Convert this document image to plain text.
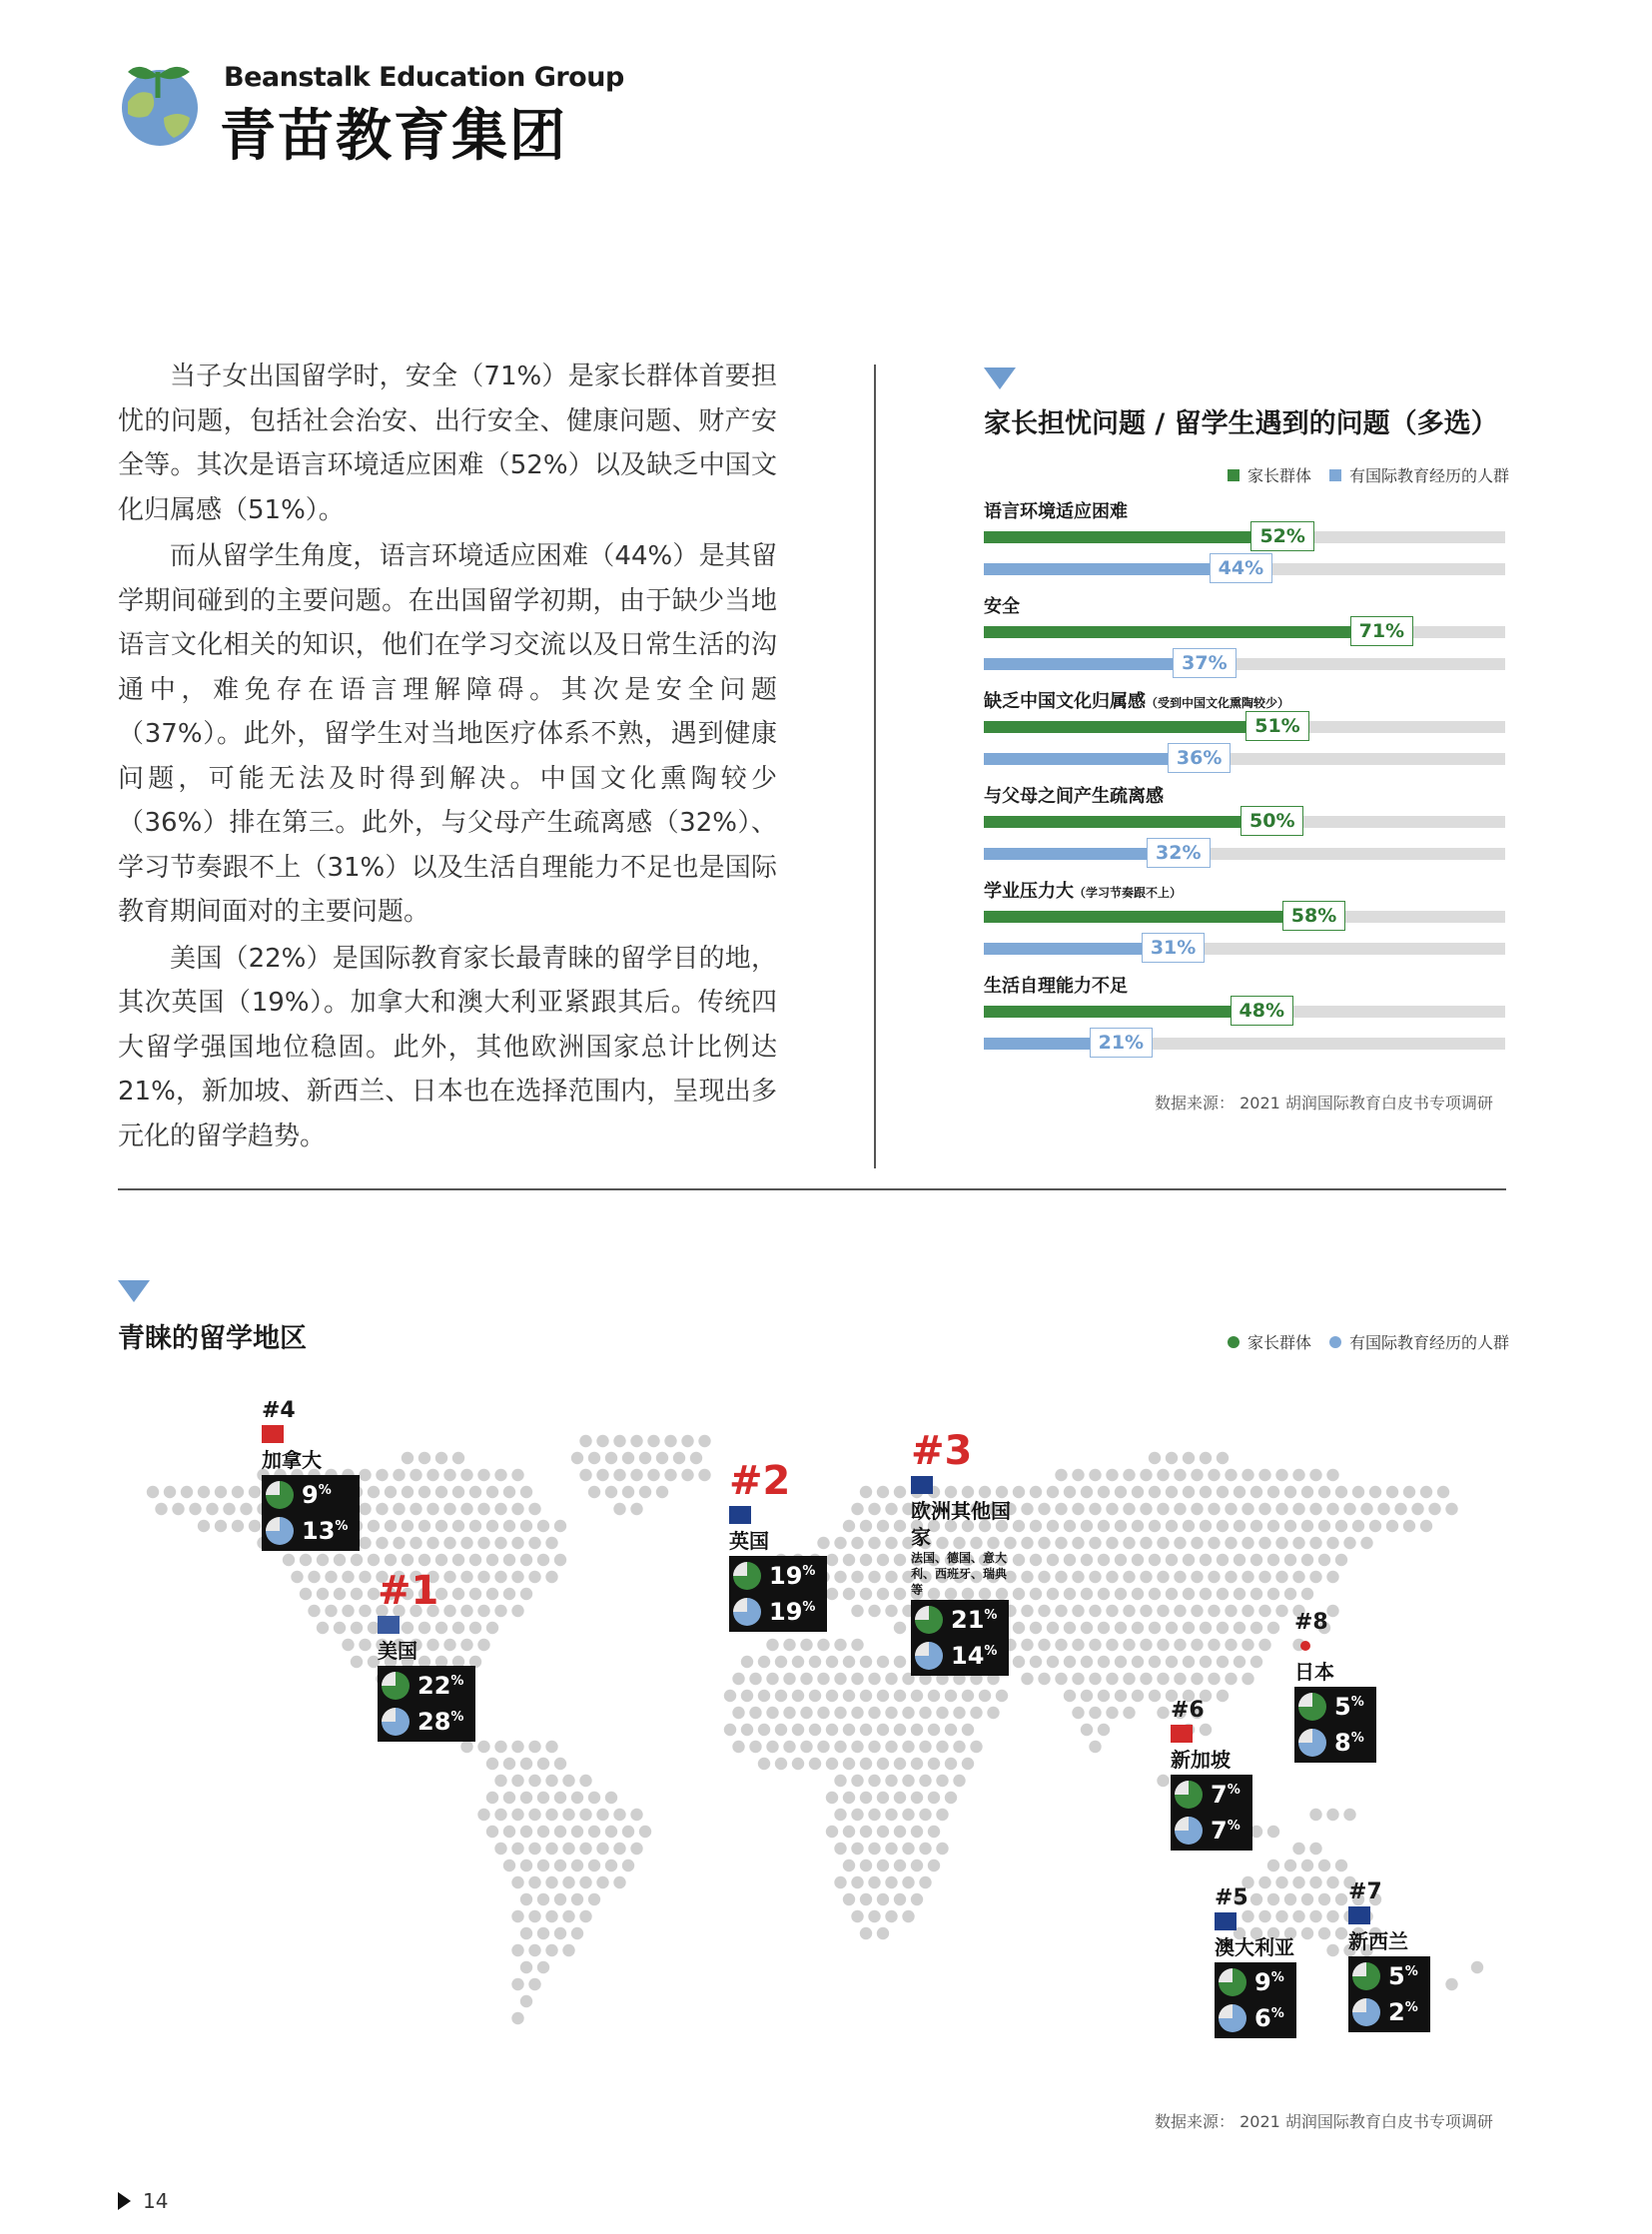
Beanstalk Education Group
青苗教育集团

当子女出国留学时，安全（71%）是家长群体首要担忧的问题，包括社会治安、出行安全、健康问题、财产安全等。其次是语言环境适应困难（52%）以及缺乏中国文化归属感（51%）。

而从留学生角度，语言环境适应困难（44%）是其留学期间碰到的主要问题。在出国留学初期，由于缺少当地语言文化相关的知识，他们在学习交流以及日常生活的沟通中，难免存在语言理解障碍。其次是安全问题（37%）。此外，留学生对当地医疗体系不熟，遇到健康问题，可能无法及时得到解决。中国文化熏陶较少（36%）排在第三。此外，与父母产生疏离感（32%）、学习节奏跟不上（31%）以及生活自理能力不足也是国际教育期间面对的主要问题。

美国（22%）是国际教育家长最青睐的留学目的地，其次英国（19%）。加拿大和澳大利亚紧跟其后。传统四大留学强国地位稳固。此外，其他欧洲国家总计比例达 21%，新加坡、新西兰、日本也在选择范围内，呈现出多元化的留学趋势。

家长担忧问题 / 留学生遇到的问题（多选）
家长群体 有国际教育经历的人群
语言环境适应困难
52%
44%
安全
71%
37%
缺乏中国文化归属感（受到中国文化熏陶较少）
51%
36%
与父母之间产生疏离感
50%
32%
学业压力大（学习节奏跟不上）
58%
31%
生活自理能力不足
48%
21%
数据来源： 2021 胡润国际教育白皮书专项调研
青睐的留学地区	家长群体 有国际教育经历的人群
#4
加拿大
9%
13%
#1
美国
22%
28%
#2
英国
19%
19%
#3
欧洲其他国家
法国、德国、意大利、西班牙、瑞典等
21%
14%
#8
日本
5%
8%
#6
新加坡
7%
7%
#5
澳大利亚
9%
6%
#7
新西兰
5%
2%
数据来源： 2021 胡润国际教育白皮书专项调研
14
